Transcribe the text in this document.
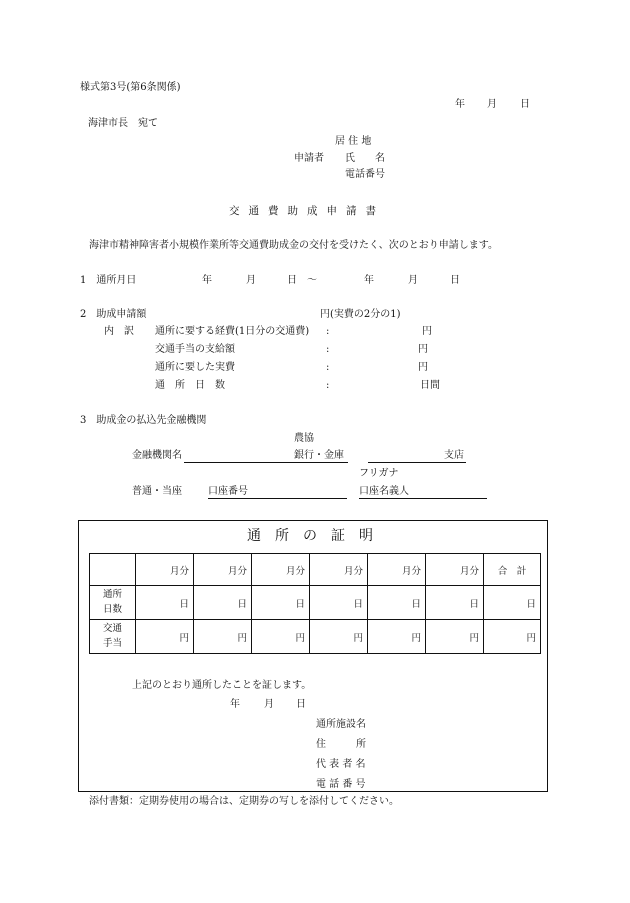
様式第3号(第6条関係)
年 月 日
海津市長　宛て
居 住 地
申請者 氏　　名
電話番号
交通費助成申請書
海津市精神障害者小規模作業所等交通費助成金の交付を受けたく、次のとおり申請します。
1　通所月日	年	月	日　～	年	月	日
2　助成申請額	円(実費の2分の1)
内　訳 通所に要する経費(1日分の交通費) :	円
交通手当の支給額	:	円
通所に要した実費	:	円
通　所　日　数	:	日間
3　助成金の払込先金融機関
農協
金融機関名	銀行・金庫	支店
フリガナ
普通・当座	口座番号	口座名義人
通所の証明
	月分	月分	月分	月分	月分	月分	合　計
通所
日数	日	日	日	日	日	日	日
交通
手当	円	円	円	円	円	円	円
上記のとおり通所したことを証します。
年 月 日
通所施設名
住　　　所
代 表 者 名
電 話 番 号
添付書類：定期券使用の場合は、定期券の写しを添付してください。
